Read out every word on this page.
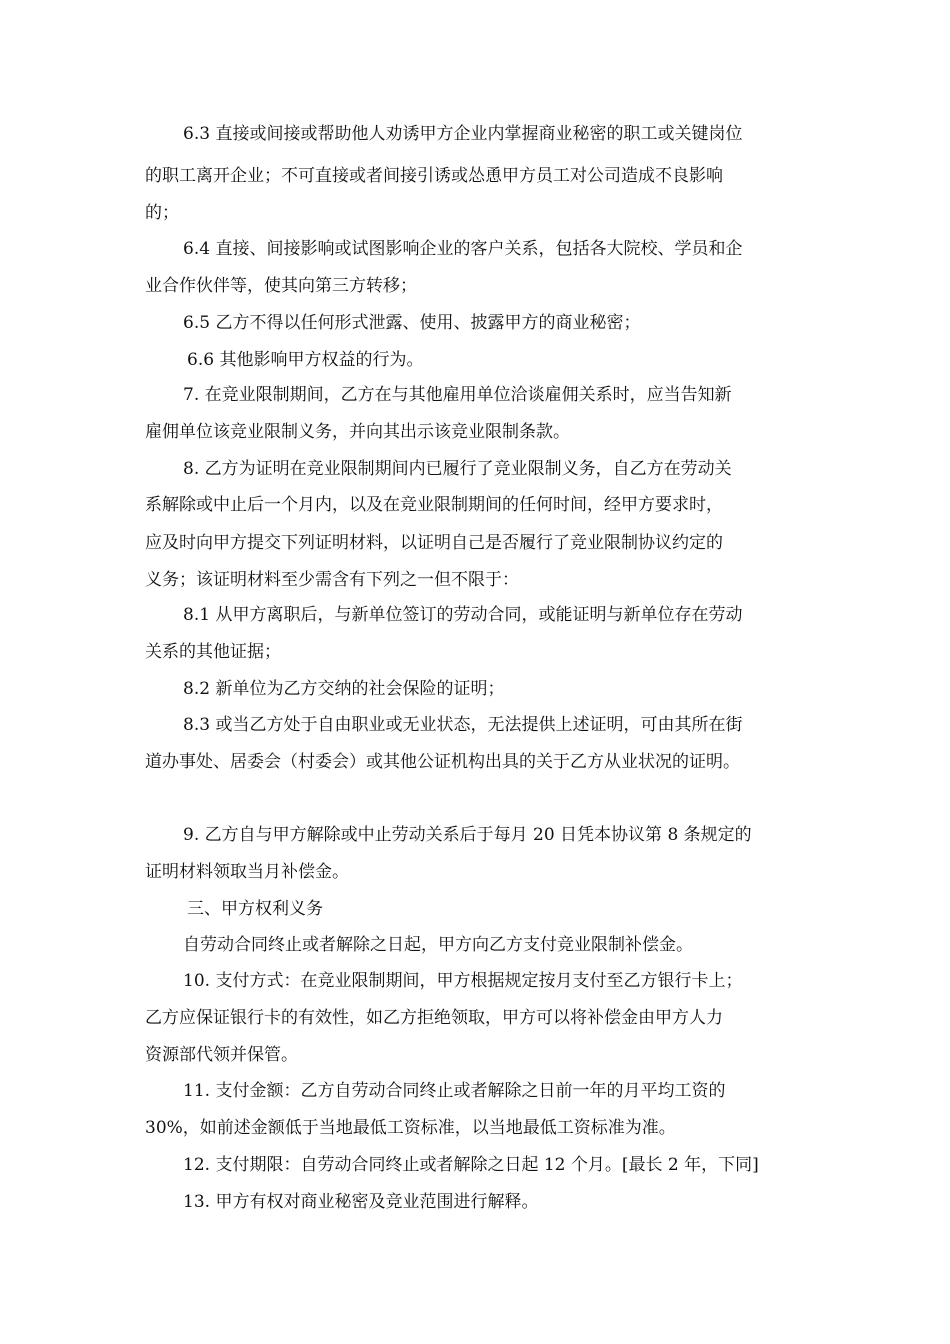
6.3 直接或间接或帮助他人劝诱甲方企业内掌握商业秘密的职工或关键岗位
的职工离开企业；不可直接或者间接引诱或怂恿甲方员工对公司造成不良影响
的；
6.4 直接、间接影响或试图影响企业的客户关系，包括各大院校、学员和企
业合作伙伴等，使其向第三方转移；
6.5 乙方不得以任何形式泄露、使用、披露甲方的商业秘密；
6.6 其他影响甲方权益的行为。
7. 在竞业限制期间，乙方在与其他雇用单位洽谈雇佣关系时，应当告知新
雇佣单位该竞业限制义务，并向其出示该竞业限制条款。
8. 乙方为证明在竞业限制期间内已履行了竞业限制义务，自乙方在劳动关
系解除或中止后一个月内，以及在竞业限制期间的任何时间，经甲方要求时，
应及时向甲方提交下列证明材料，以证明自己是否履行了竞业限制协议约定的
义务；该证明材料至少需含有下列之一但不限于：
8.1 从甲方离职后，与新单位签订的劳动合同，或能证明与新单位存在劳动
关系的其他证据；
8.2 新单位为乙方交纳的社会保险的证明；
8.3 或当乙方处于自由职业或无业状态，无法提供上述证明，可由其所在街
道办事处、居委会（村委会）或其他公证机构出具的关于乙方从业状况的证明。
9. 乙方自与甲方解除或中止劳动关系后于每月 20 日凭本协议第 8 条规定的
证明材料领取当月补偿金。
三、甲方权利义务
自劳动合同终止或者解除之日起，甲方向乙方支付竞业限制补偿金。
10. 支付方式：在竞业限制期间，甲方根据规定按月支付至乙方银行卡上；
乙方应保证银行卡的有效性，如乙方拒绝领取，甲方可以将补偿金由甲方人力
资源部代领并保管。
11. 支付金额：乙方自劳动合同终止或者解除之日前一年的月平均工资的
30%，如前述金额低于当地最低工资标准，以当地最低工资标准为准。
12. 支付期限：自劳动合同终止或者解除之日起 12 个月。[最长 2 年，下同]
13. 甲方有权对商业秘密及竞业范围进行解释。
